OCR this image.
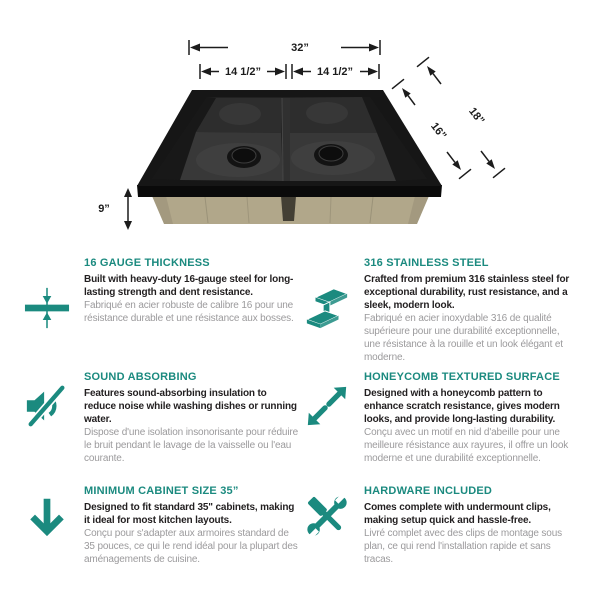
32”
14 1/2”	14 1/2”
18”
16”
9”
16 GAUGE THICKNESS

Built with heavy-duty 16-gauge steel for long-lasting strength and dent resistance.

Fabriqué en acier robuste de calibre 16 pour une résistance durable et une résistance aux bosses.

316 STAINLESS STEEL

Crafted from premium 316 stainless steel for exceptional durability, rust resistance, and a sleek, modern look.

Fabriqué en acier inoxydable 316 de qualité supérieure pour une durabilité exceptionnelle, une résistance à la rouille et un look élégant et moderne.

SOUND ABSORBING

Features sound-absorbing insulation to reduce noise while washing dishes or running water.

Dispose d'une isolation insonorisante pour réduire le bruit pendant le lavage de la vaisselle ou l'eau courante.

HONEYCOMB TEXTURED SURFACE

Designed with a honeycomb pattern to enhance scratch resistance, gives modern looks, and provide long-lasting durability.

Conçu avec un motif en nid d'abeille pour une meilleure résistance aux rayures, il offre un look moderne et une durabilité exceptionnelle.

MINIMUM CABINET SIZE 35”

Designed to fit standard 35" cabinets, making it ideal for most kitchen layouts.

Conçu pour s'adapter aux armoires standard de 35 pouces, ce qui le rend idéal pour la plupart des aménagements de cuisine.

HARDWARE INCLUDED

Comes complete with undermount clips, making setup quick and hassle-free.

Livré complet avec des clips de montage sous plan, ce qui rend l'installation rapide et sans tracas.
